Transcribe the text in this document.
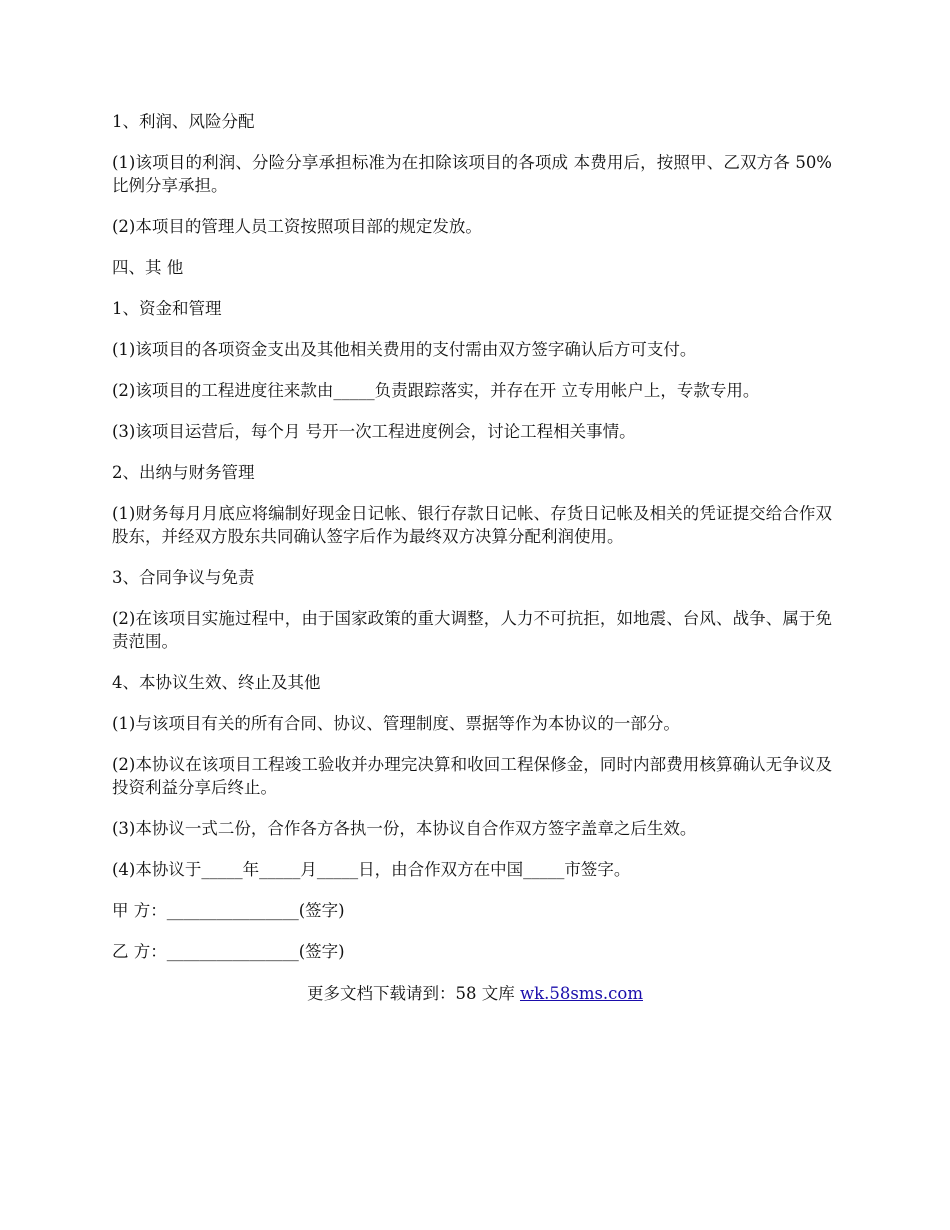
1、利润、风险分配

(1)该项目的利润、分险分享承担标准为在扣除该项目的各项成 本费用后，按照甲、乙双方各 50%比例分享承担。

(2)本项目的管理人员工资按照项目部的规定发放。

四、其 他

1、资金和管理

(1)该项目的各项资金支出及其他相关费用的支付需由双方签字确认后方可支付。

(2)该项目的工程进度往来款由_____负责跟踪落实，并存在开 立专用帐户上，专款专用。

(3)该项目运营后，每个月 号开一次工程进度例会，讨论工程相关事情。

2、出纳与财务管理

(1)财务每月月底应将编制好现金日记帐、银行存款日记帐、存货日记帐及相关的凭证提交给合作双股东，并经双方股东共同确认签字后作为最终双方决算分配利润使用。

3、合同争议与免责

(2)在该项目实施过程中，由于国家政策的重大调整，人力不可抗拒，如地震、台风、战争、属于免责范围。

4、本协议生效、终止及其他

(1)与该项目有关的所有合同、协议、管理制度、票据等作为本协议的一部分。

(2)本协议在该项目工程竣工验收并办理完决算和收回工程保修金，同时内部费用核算确认无争议及投资利益分享后终止。

(3)本协议一式二份，合作各方各执一份，本协议自合作双方签字盖章之后生效。

(4)本协议于_____年_____月_____日，由合作双方在中国_____市签字。

甲 方：________________(签字)

乙 方：________________(签字)

更多文档下载请到：58 文库 wk.58sms.com
